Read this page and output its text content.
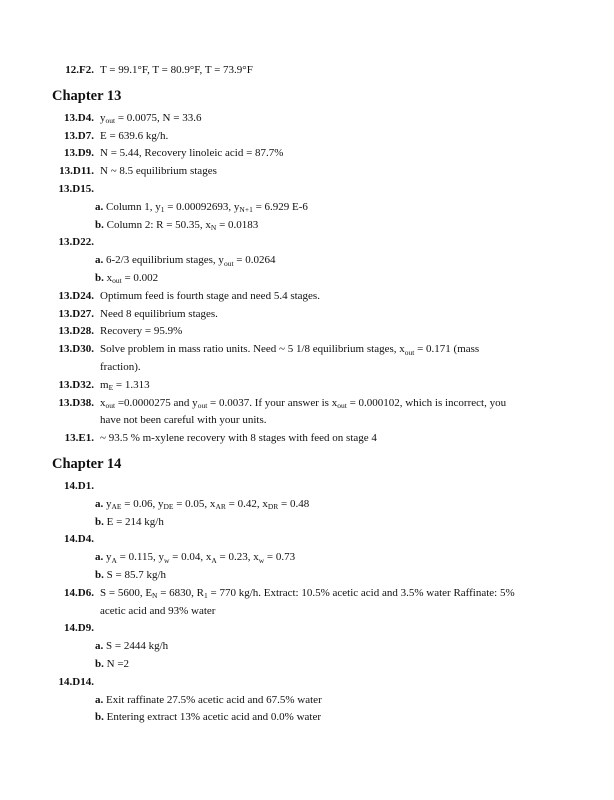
12.F2. T = 99.1°F, T = 80.9°F, T = 73.9°F
Chapter 13
13.D4. $y_{out} = 0.0075$, N = 33.6
13.D7. E = 639.6 kg/h.
13.D9. N = 5.44, Recovery linoleic acid = 87.7%
13.D11. N ~ 8.5 equilibrium stages
13.D15.

a. Column 1, $y_1 = 0.00092693$, $y_{N+1} = 6.929$ E-6
b. Column 2: R = 50.35, $x_N = 0.0183$
13.D22.

a. 6-2/3 equilibrium stages, $y_{out} = 0.0264$
b. $x_{out} = 0.002$
13.D24. Optimum feed is fourth stage and need 5.4 stages.
13.D27. Need 8 equilibrium stages.
13.D28. Recovery = 95.9%
13.D30. Solve problem in mass ratio units. Need ~ 5 1/8 equilibrium stages, $x_{out} = 0.171$ (mass
fraction).
13.D32. $m_E = 1.313$
13.D38. $x_{out} =0.0000275$ and $y_{out} = 0.0037$. If your answer is $x_{out} = 0.000102$, which is incorrect, you
have not been careful with your units.
13.E1. ~ 93.5 % m-xylene recovery with 8 stages with feed on stage 4
Chapter 14
14.D1.

a. $y_{AE} = 0.06$, $y_{DE} = 0.05$, $x_{AR} = 0.42$, $x_{DR} = 0.48$
b. E = 214 kg/h
14.D4.

a. $y_A = 0.115$, $y_w = 0.04$, $x_A = 0.23$, $x_w = 0.73$
b. S = 85.7 kg/h
14.D6. S = 5600, $E_N = 6830$, $R_1 = 770$ kg/h. Extract: 10.5% acetic acid and 3.5% water Raffinate: 5%
acetic acid and 93% water
14.D9.

a. S = 2444 kg/h
b. N =2
14.D14.

a. Exit raffinate 27.5% acetic acid and 67.5% water
b. Entering extract 13% acetic acid and 0.0% water
